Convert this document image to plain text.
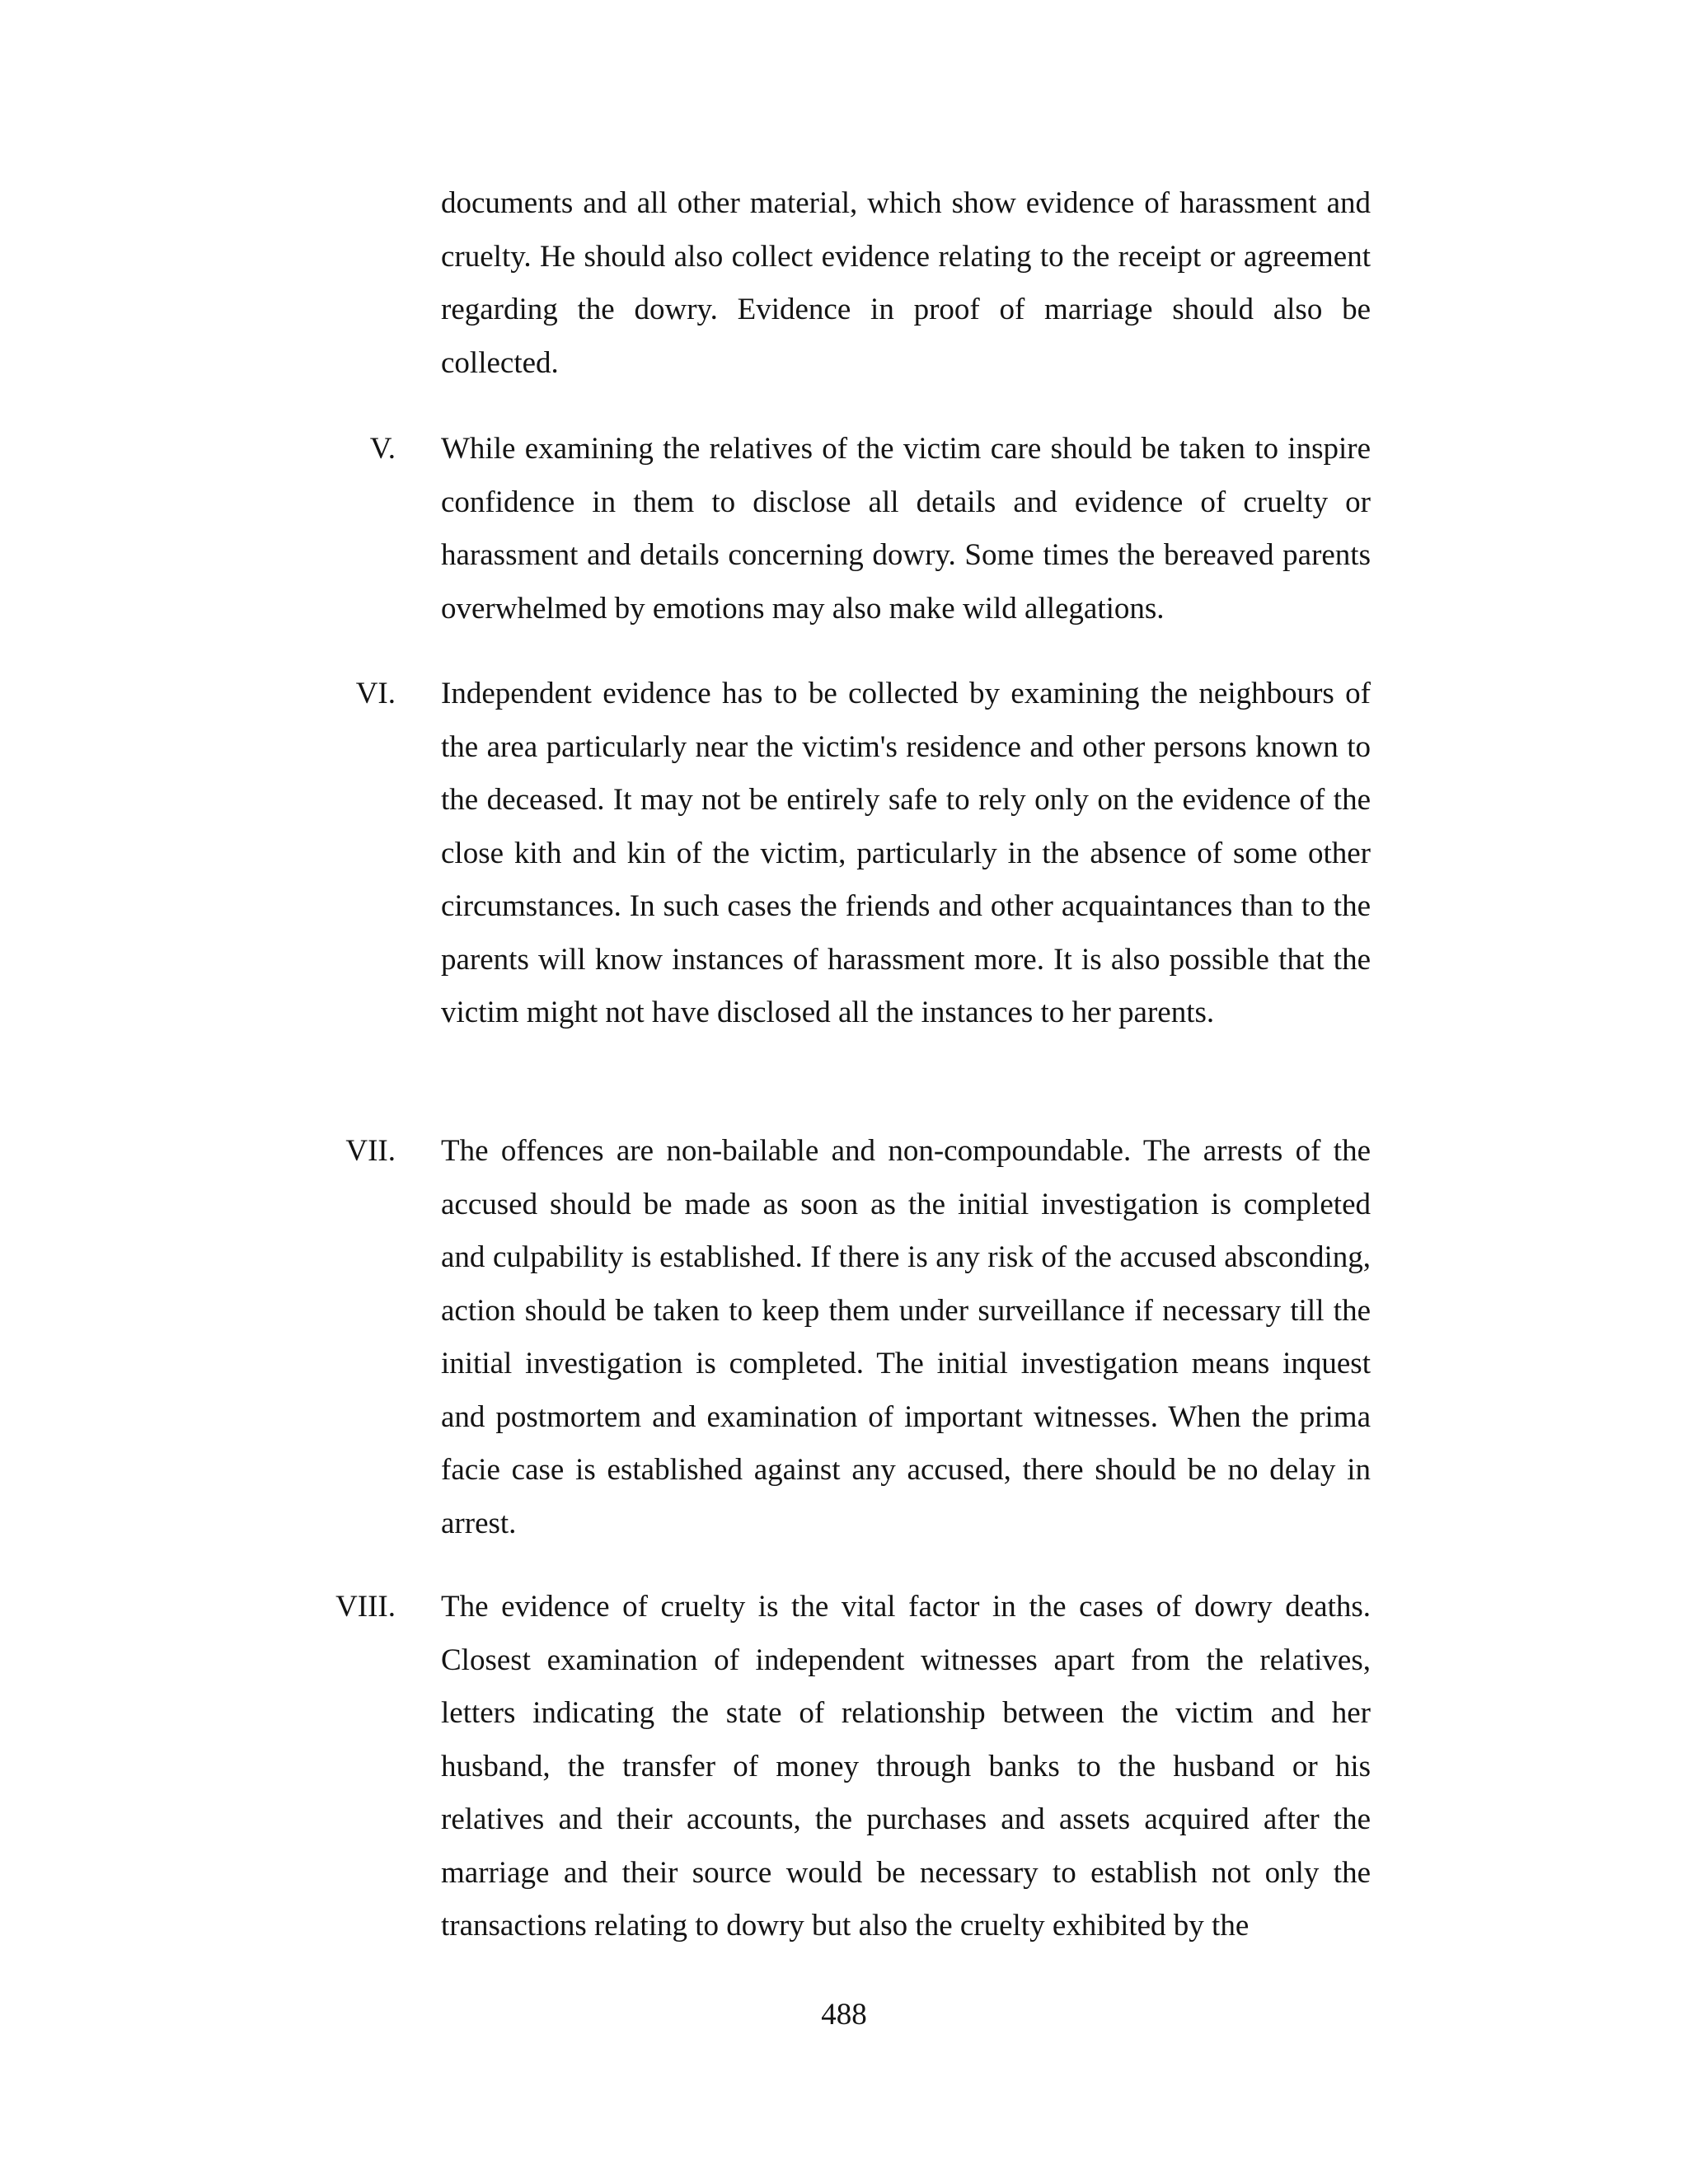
documents and all other material, which show evidence of harassment and cruelty. He should also collect evidence relating to the receipt or agreement regarding the dowry. Evidence in proof of marriage should also be collected.

V. While examining the relatives of the victim care should be taken to inspire confidence in them to disclose all details and evidence of cruelty or harassment and details concerning dowry. Some times the bereaved parents overwhelmed by emotions may also make wild allegations.

VI. Independent evidence has to be collected by examining the neighbours of the area particularly near the victim's residence and other persons known to the deceased. It may not be entirely safe to rely only on the evidence of the close kith and kin of the victim, particularly in the absence of some other circumstances. In such cases the friends and other acquaintances than to the parents will know instances of harassment more. It is also possible that the victim might not have disclosed all the instances to her parents.

VII. The offences are non-bailable and non-compoundable. The arrests of the accused should be made as soon as the initial investigation is completed and culpability is established. If there is any risk of the accused absconding, action should be taken to keep them under surveillance if necessary till the initial investigation is completed. The initial investigation means inquest and postmortem and examination of important witnesses. When the prima facie case is established against any accused, there should be no delay in arrest.

VIII. The evidence of cruelty is the vital factor in the cases of dowry deaths. Closest examination of independent witnesses apart from the relatives, letters indicating the state of relationship between the victim and her husband, the transfer of money through banks to the husband or his relatives and their accounts, the purchases and assets acquired after the marriage and their source would be necessary to establish not only the transactions relating to dowry but also the cruelty exhibited by the

488
